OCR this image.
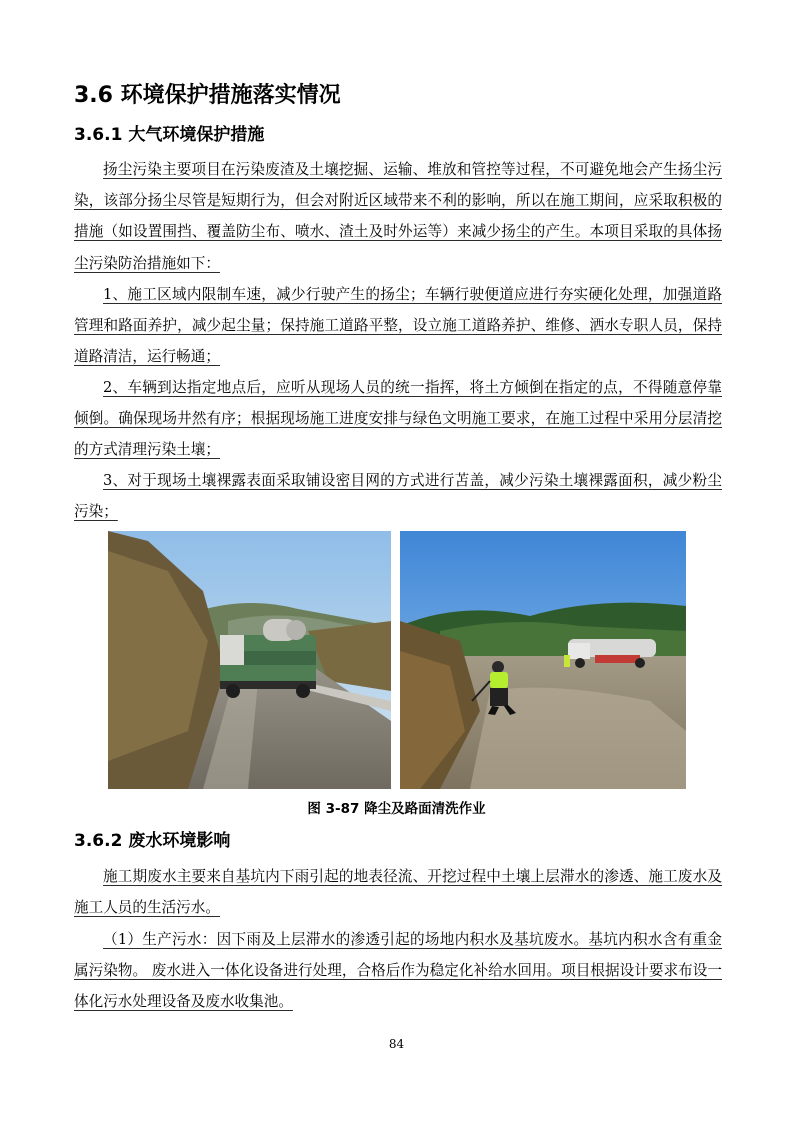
3.6 环境保护措施落实情况
3.6.1 大气环境保护措施

扬尘污染主要项目在污染废渣及土壤挖掘、运输、堆放和管控等过程，不可避免地会产生扬尘污染，该部分扬尘尽管是短期行为，但会对附近区域带来不利的影响，所以在施工期间，应采取积极的措施（如设置围挡、覆盖防尘布、喷水、渣土及时外运等）来减少扬尘的产生。本项目采取的具体扬尘污染防治措施如下：

1、施工区域内限制车速，减少行驶产生的扬尘；车辆行驶便道应进行夯实硬化处理，加强道路管理和路面养护，减少起尘量；保持施工道路平整，设立施工道路养护、维修、洒水专职人员，保持道路清洁，运行畅通；

2、车辆到达指定地点后，应听从现场人员的统一指挥，将土方倾倒在指定的点，不得随意停靠倾倒。确保现场井然有序；根据现场施工进度安排与绿色文明施工要求，在施工过程中采用分层清挖的方式清理污染土壤；

3、对于现场土壤裸露表面采取铺设密目网的方式进行苫盖，减少污染土壤裸露面积，减少粉尘污染；

图 3-87 降尘及路面清洗作业
3.6.2 废水环境影响

施工期废水主要来自基坑内下雨引起的地表径流、开挖过程中土壤上层滞水的渗透、施工废水及施工人员的生活污水。

（1）生产污水：因下雨及上层滞水的渗透引起的场地内积水及基坑废水。基坑内积水含有重金属污染物。 废水进入一体化设备进行处理，合格后作为稳定化补给水回用。项目根据设计要求布设一体化污水处理设备及废水收集池。

84
